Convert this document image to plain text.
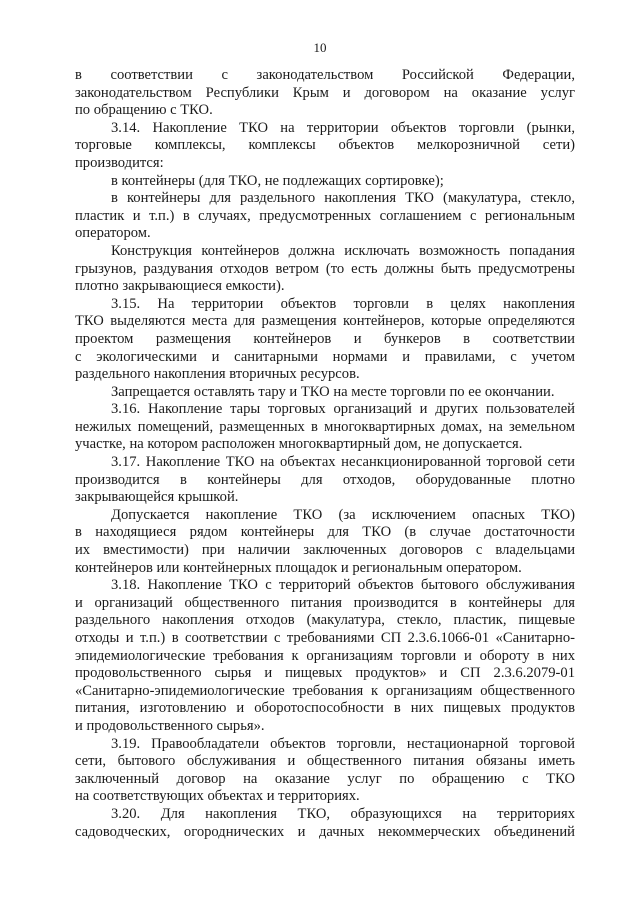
10
в соответствии с законодательством Российской Федерации,
законодательством Республики Крым и договором на оказание услуг
по обращению с ТКО.
3.14. Накопление ТКО на территории объектов торговли (рынки,
торговые комплексы, комплексы объектов мелкорозничной сети)
производится:
в контейнеры (для ТКО, не подлежащих сортировке);
в контейнеры для раздельного накопления ТКО (макулатура, стекло,
пластик и т.п.) в случаях, предусмотренных соглашением с региональным
оператором.
Конструкция контейнеров должна исключать возможность попадания
грызунов, раздувания отходов ветром (то есть должны быть предусмотрены
плотно закрывающиеся емкости).
3.15. На территории объектов торговли в целях накопления
ТКО выделяются места для размещения контейнеров, которые определяются
проектом размещения контейнеров и бункеров в соответствии
с экологическими и санитарными нормами и правилами, с учетом
раздельного накопления вторичных ресурсов.
Запрещается оставлять тару и ТКО на месте торговли по ее окончании.
3.16. Накопление тары торговых организаций и других пользователей
нежилых помещений, размещенных в многоквартирных домах, на земельном
участке, на котором расположен многоквартирный дом, не допускается.
3.17. Накопление ТКО на объектах несанкционированной торговой сети
производится в контейнеры для отходов, оборудованные плотно
закрывающейся крышкой.
Допускается накопление ТКО (за исключением опасных ТКО)
в находящиеся рядом контейнеры для ТКО (в случае достаточности
их вместимости) при наличии заключенных договоров с владельцами
контейнеров или контейнерных площадок и региональным оператором.
3.18. Накопление ТКО с территорий объектов бытового обслуживания
и организаций общественного питания производится в контейнеры для
раздельного накопления отходов (макулатура, стекло, пластик, пищевые
отходы и т.п.) в соответствии с требованиями СП 2.3.6.1066-01 «Санитарно-
эпидемиологические требования к организациям торговли и обороту в них
продовольственного сырья и пищевых продуктов» и СП 2.3.6.2079-01
«Санитарно-эпидемиологические требования к организациям общественного
питания, изготовлению и оборотоспособности в них пищевых продуктов
и продовольственного сырья».
3.19. Правообладатели объектов торговли, нестационарной торговой
сети, бытового обслуживания и общественного питания обязаны иметь
заключенный договор на оказание услуг по обращению с ТКО
на соответствующих объектах и территориях.
3.20. Для накопления ТКО, образующихся на территориях
садоводческих, огороднических и дачных некоммерческих объединений
